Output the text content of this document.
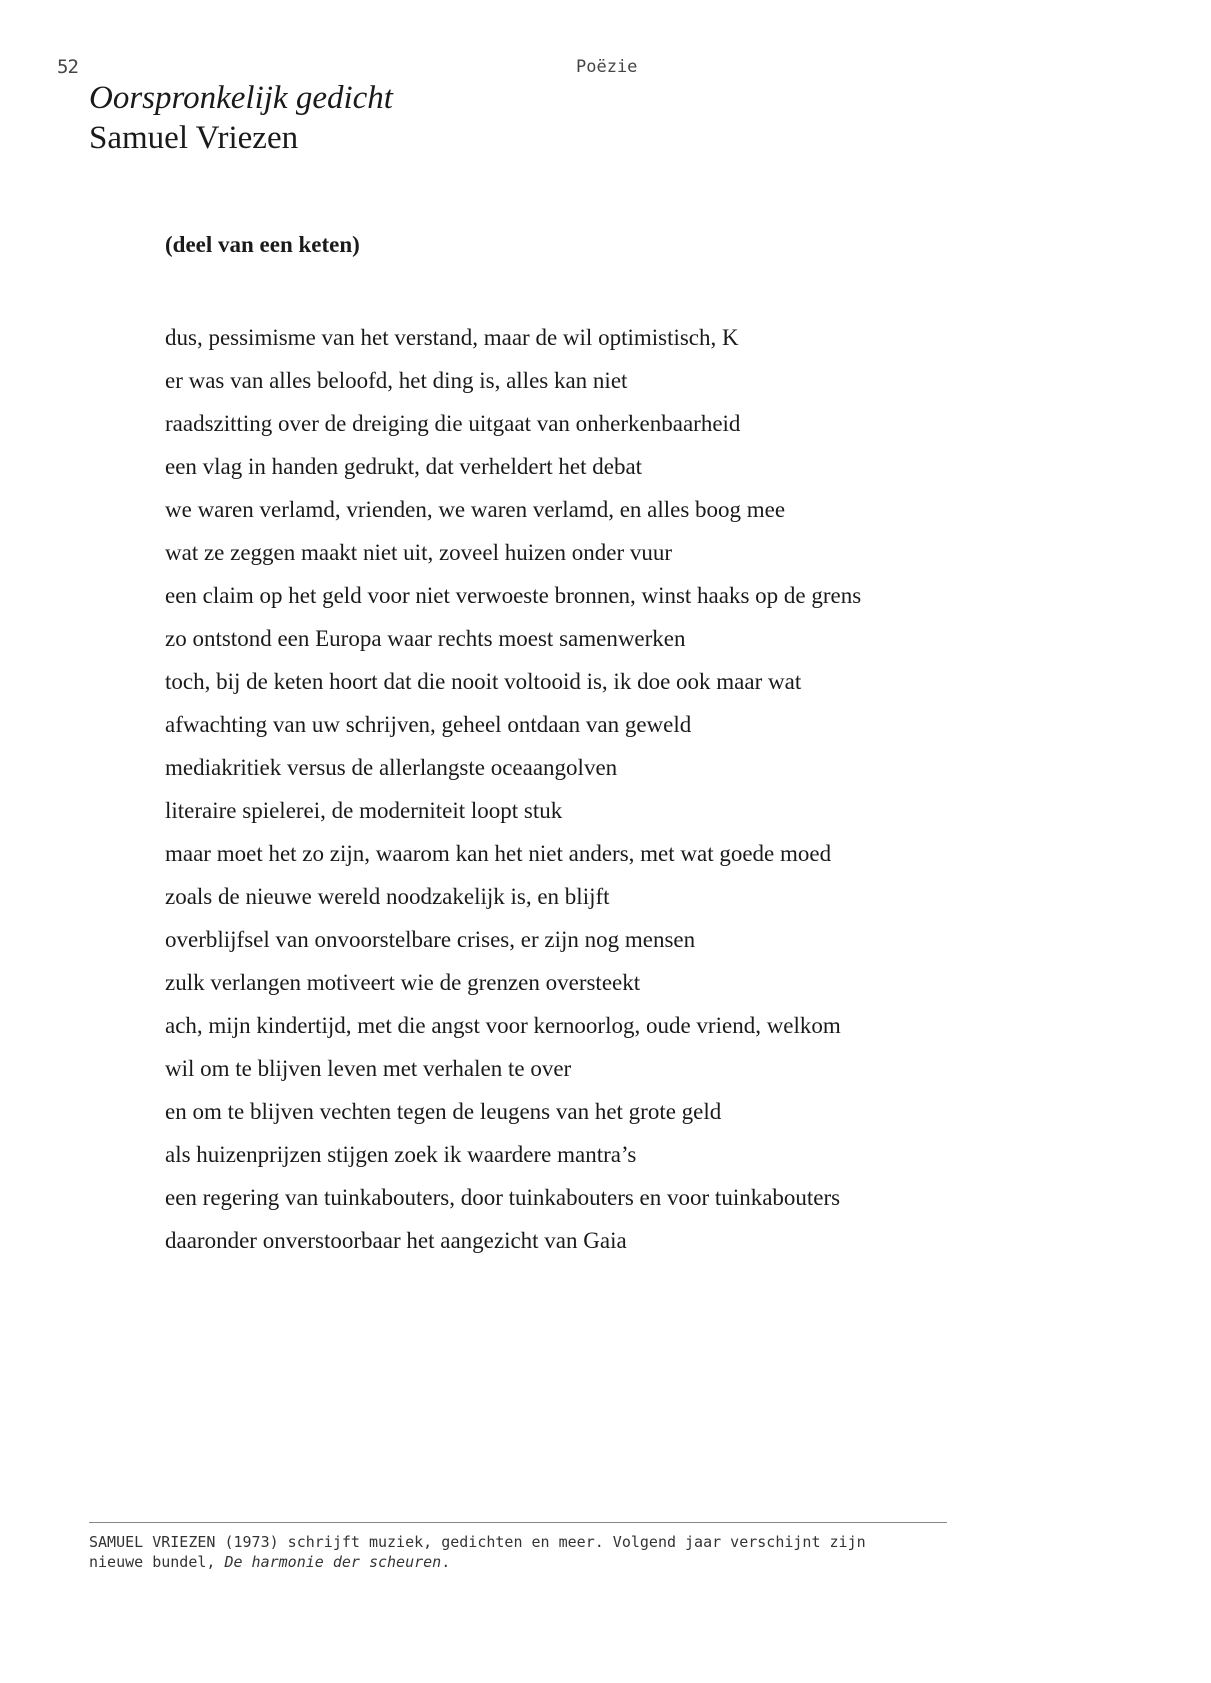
52	Poëzie
Oorspronkelijk gedicht
Samuel Vriezen
(deel van een keten)
dus, pessimisme van het verstand, maar de wil optimistisch, K
er was van alles beloofd, het ding is, alles kan niet
raadszitting over de dreiging die uitgaat van onherkenbaarheid
een vlag in handen gedrukt, dat verheldert het debat
we waren verlamd, vrienden, we waren verlamd, en alles boog mee
wat ze zeggen maakt niet uit, zoveel huizen onder vuur
een claim op het geld voor niet verwoeste bronnen, winst haaks op de grens
zo ontstond een Europa waar rechts moest samenwerken
toch, bij de keten hoort dat die nooit voltooid is, ik doe ook maar wat
afwachting van uw schrijven, geheel ontdaan van geweld
mediakritiek versus de allerlangste oceaangolven
literaire spielerei, de moderniteit loopt stuk
maar moet het zo zijn, waarom kan het niet anders, met wat goede moed
zoals de nieuwe wereld noodzakelijk is, en blijft
overblijfsel van onvoorstelbare crises, er zijn nog mensen
zulk verlangen motiveert wie de grenzen oversteekt
ach, mijn kindertijd, met die angst voor kernoorlog, oude vriend, welkom
wil om te blijven leven met verhalen te over
en om te blijven vechten tegen de leugens van het grote geld
als huizenprijzen stijgen zoek ik waardere mantra’s
een regering van tuinkabouters, door tuinkabouters en voor tuinkabouters
daaronder onverstoorbaar het aangezicht van Gaia
SAMUEL VRIEZEN (1973) schrijft muziek, gedichten en meer. Volgend jaar verschijnt zijn
nieuwe bundel, De harmonie der scheuren.
